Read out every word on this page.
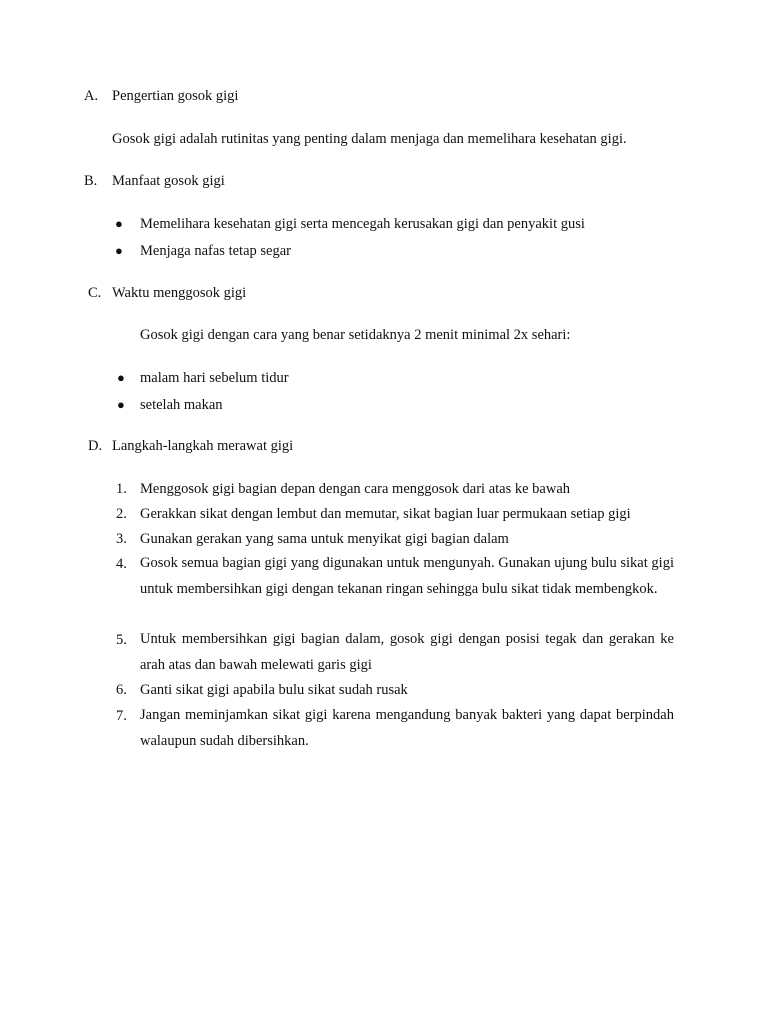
A. Pengertian gosok gigi
Gosok gigi adalah rutinitas yang penting dalam menjaga dan memelihara kesehatan gigi.
B. Manfaat gosok gigi
● Memelihara kesehatan gigi serta mencegah kerusakan gigi dan penyakit gusi
● Menjaga nafas tetap segar
C. Waktu menggosok gigi
Gosok gigi dengan cara yang benar setidaknya 2 menit minimal 2x sehari:
● malam hari sebelum tidur
● setelah makan
D. Langkah-langkah merawat gigi
1. Menggosok gigi bagian depan dengan cara menggosok dari atas ke bawah
2. Gerakkan sikat dengan lembut dan memutar, sikat bagian luar permukaan setiap gigi
3. Gunakan gerakan yang sama untuk menyikat gigi bagian dalam
4. Gosok semua bagian gigi yang digunakan untuk mengunyah. Gunakan ujung bulu sikat gigi untuk membersihkan gigi dengan tekanan ringan sehingga bulu sikat tidak membengkok.
5. Untuk membersihkan gigi bagian dalam, gosok gigi dengan posisi tegak dan gerakan ke arah atas dan bawah melewati garis gigi
6. Ganti sikat gigi apabila bulu sikat sudah rusak
7. Jangan meminjamkan sikat gigi karena mengandung banyak bakteri yang dapat berpindah walaupun sudah dibersihkan.
